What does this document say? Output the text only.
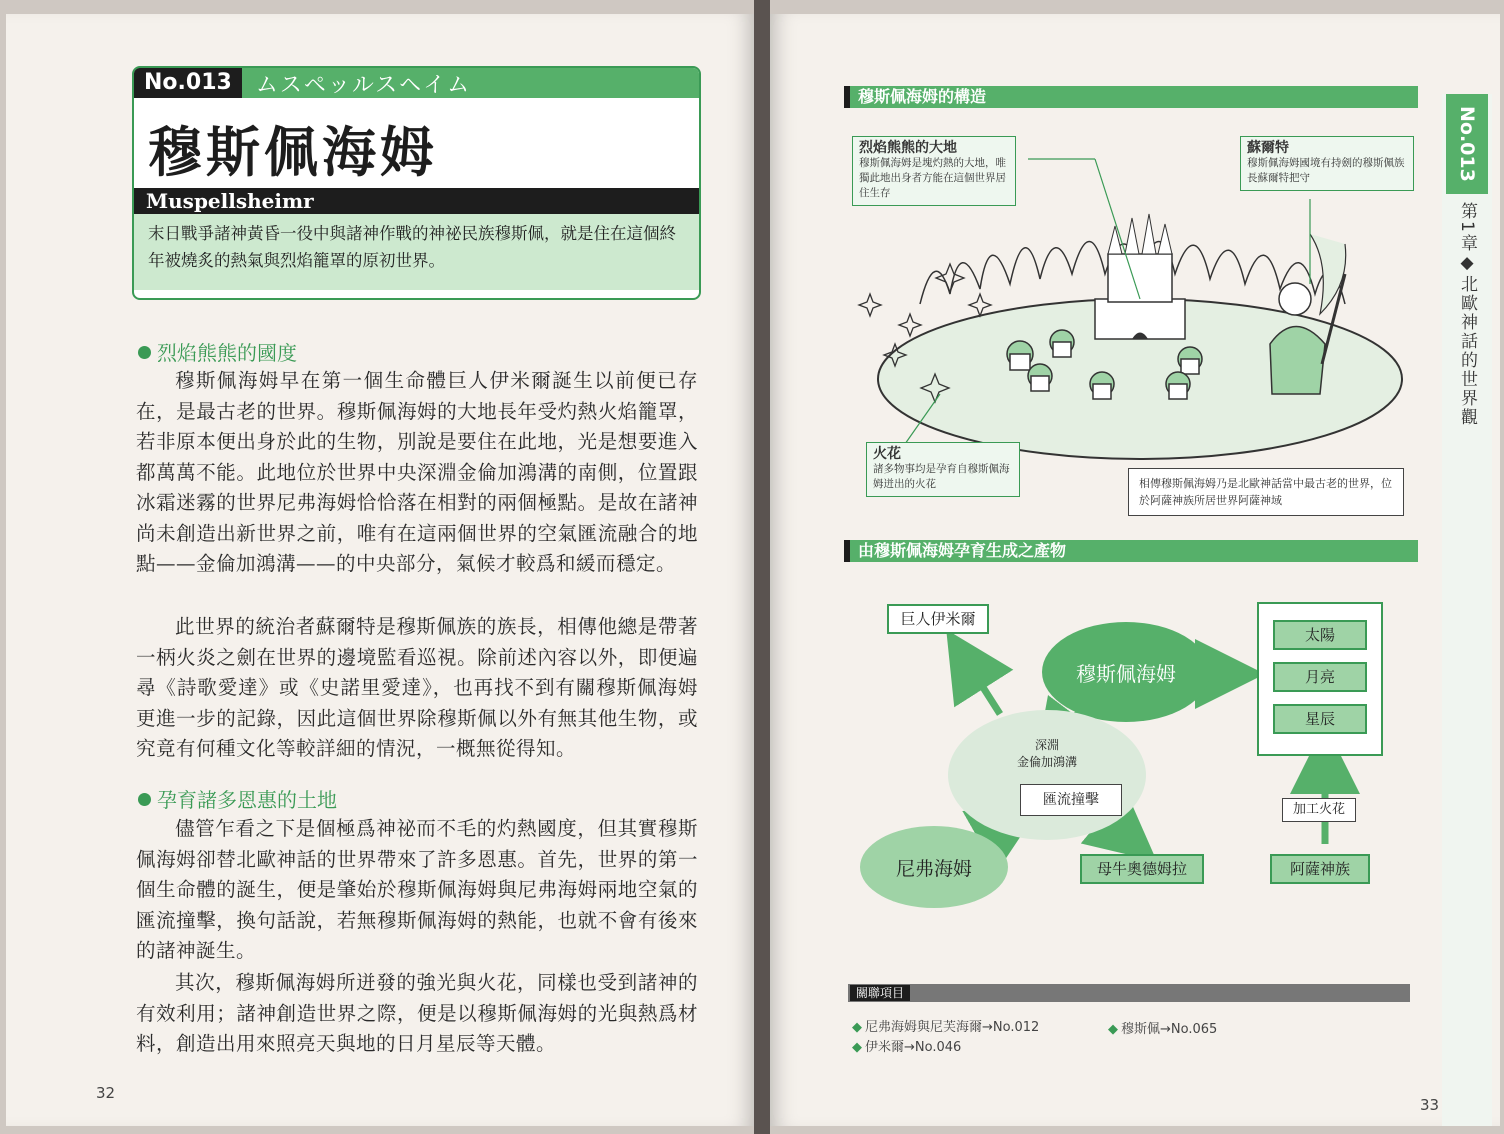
No.013	ムスペッルスヘイム
穆斯佩海姆
Muspellsheimr
末日戰爭諸神黃昏一役中與諸神作戰的神祕民族穆斯佩，就是住在這個終年被燒炙的熱氣與烈焰籠罩的原初世界。
烈焰熊熊的國度

穆斯佩海姆早在第一個生命體巨人伊米爾誕生以前便已存在，是最古老的世界。穆斯佩海姆的大地長年受灼熱火焰籠罩，若非原本便出身於此的生物，別說是要住在此地，光是想要進入都萬萬不能。此地位於世界中央深淵金倫加鴻溝的南側，位置跟冰霜迷霧的世界尼弗海姆恰恰落在相對的兩個極點。是故在諸神尚未創造出新世界之前，唯有在這兩個世界的空氣匯流融合的地點——金倫加鴻溝——的中央部分，氣候才較爲和緩而穩定。

此世界的統治者蘇爾特是穆斯佩族的族長，相傳他總是帶著一柄火炎之劍在世界的邊境監看巡視。除前述內容以外，即便遍尋《詩歌愛達》或《史諾里愛達》，也再找不到有關穆斯佩海姆更進一步的記錄，因此這個世界除穆斯佩以外有無其他生物，或究竟有何種文化等較詳細的情況，一概無從得知。

孕育諸多恩惠的土地

儘管乍看之下是個極爲神祕而不毛的灼熱國度，但其實穆斯佩海姆卻替北歐神話的世界帶來了許多恩惠。首先，世界的第一個生命體的誕生，便是肇始於穆斯佩海姆與尼弗海姆兩地空氣的匯流撞擊，換句話說，若無穆斯佩海姆的熱能，也就不會有後來的諸神誕生。

其次，穆斯佩海姆所迸發的強光與火花，同樣也受到諸神的有效利用；諸神創造世界之際，便是以穆斯佩海姆的光與熱爲材料，創造出用來照亮天與地的日月星辰等天體。

32
穆斯佩海姆的構造
烈焰熊熊的大地
穆斯佩海姆是塊灼熱的大地，唯獨此地出身者方能在這個世界居住生存
蘇爾特
穆斯佩海姆國境有持劍的穆斯佩族長蘇爾特把守
火花
諸多物事均是孕育自穆斯佩海姆迸出的火花	相傳穆斯佩海姆乃是北歐神話當中最古老的世界，位於阿薩神族所居世界阿薩神域
由穆斯佩海姆孕育生成之產物
巨人伊米爾
穆斯佩海姆
深淵
金倫加鴻溝
匯流撞擊
尼弗海姆	母牛奧德姆拉
太陽
月亮
星辰
加工火花
阿薩神族
關聯項目
◆ 尼弗海姆與尼芙海爾→No.012
◆ 伊米爾→No.046
◆ 穆斯佩→No.065
No.013
第1章◆北歐神話的世界觀
33
